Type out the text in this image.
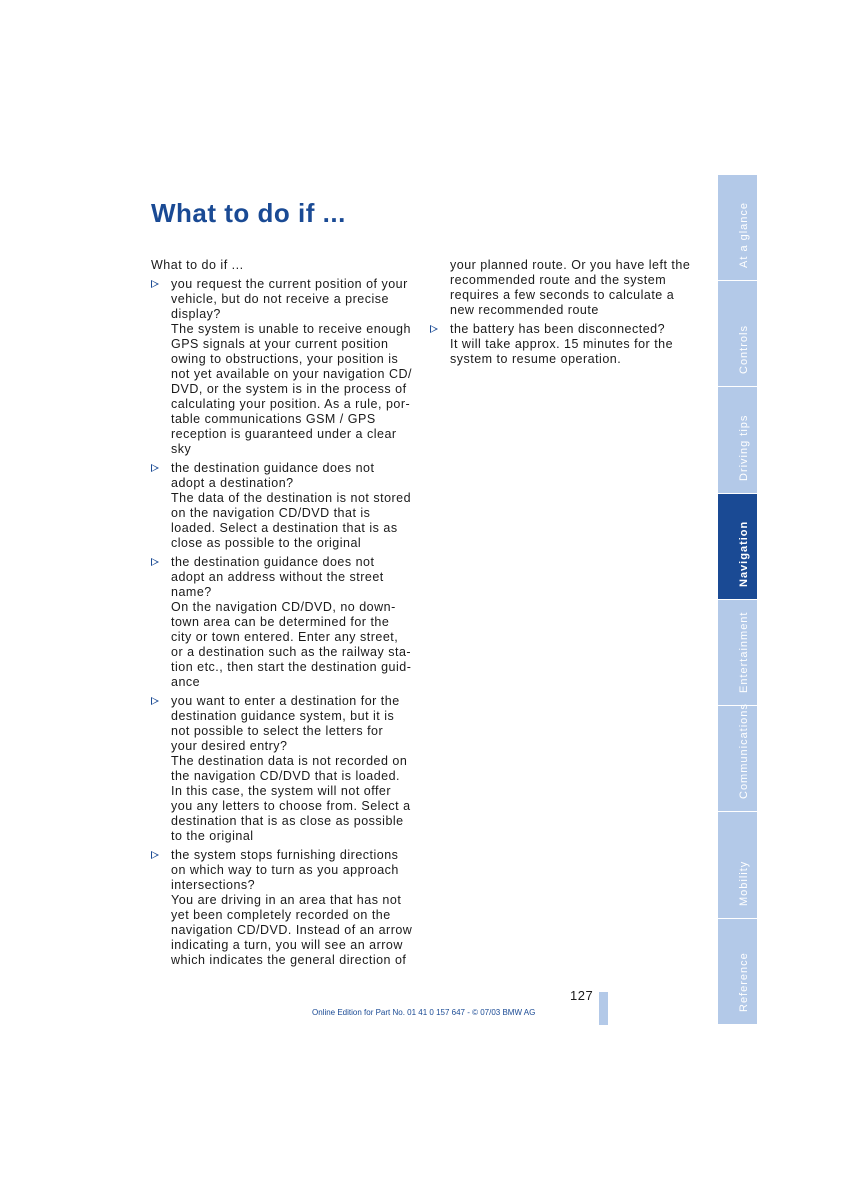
What to do if ...

What to do if ...

you request the current position of your
vehicle, but do not receive a precise
display?
The system is unable to receive enough
GPS signals at your current position
owing to obstructions, your position is
not yet available on your navigation CD/
DVD, or the system is in the process of
calculating your position. As a rule, por-
table communications GSM / GPS
reception is guaranteed under a clear
sky
the destination guidance does not
adopt a destination?
The data of the destination is not stored
on the navigation CD/DVD that is
loaded. Select a destination that is as
close as possible to the original
the destination guidance does not
adopt an address without the street
name?
On the navigation CD/DVD, no down-
town area can be determined for the
city or town entered. Enter any street,
or a destination such as the railway sta-
tion etc., then start the destination guid-
ance
you want to enter a destination for the
destination guidance system, but it is
not possible to select the letters for
your desired entry?
The destination data is not recorded on
the navigation CD/DVD that is loaded.
In this case, the system will not offer
you any letters to choose from. Select a
destination that is as close as possible
to the original
the system stops furnishing directions
on which way to turn as you approach
intersections?
You are driving in an area that has not
yet been completely recorded on the
navigation CD/DVD. Instead of an arrow
indicating a turn, you will see an arrow
which indicates the general direction of
your planned route. Or you have left the
recommended route and the system
requires a few seconds to calculate a
new recommended route
the battery has been disconnected?
It will take approx. 15 minutes for the
system to resume operation.
At a glance
Controls
Driving tips
Navigation
Entertainment
Communications
Mobility
Reference
127
Online Edition for Part No. 01 41 0 157 647 - © 07/03 BMW AG
